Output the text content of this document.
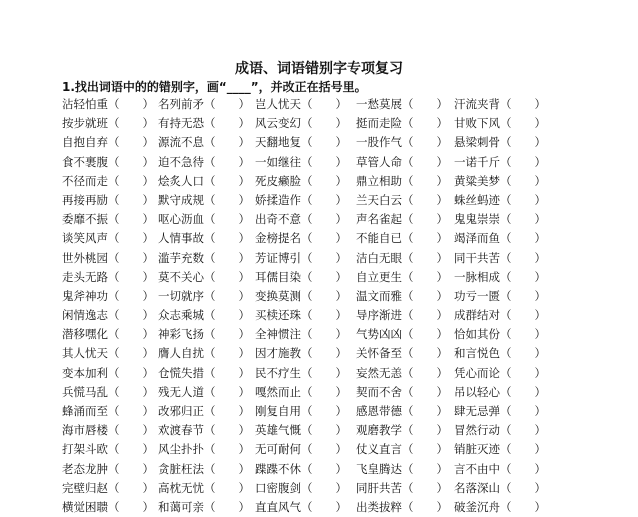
成语、词语错别字专项复习
1.找出词语中的的错别字，画“____”，并改正在括号里。
沾轻怕重（  ） 名列前矛（  ） 岂人忧天（  ） 一愁莫展（  ） 汗流夹背（  ）
按步就班（  ） 有持无恐（  ） 风云变幻（  ） 挺而走险（  ） 甘败下风（  ）
自抱自弃（  ） 源流不息（  ） 天翻地复（  ） 一股作气（  ） 悬梁刺骨（  ）
食不裹腹（  ） 迫不急待（  ） 一如继往（  ） 草管人命（  ） 一诺千斤（  ）
不径而走（  ） 烩炙人口（  ） 死皮癞脸（  ） 鼎立相助（  ） 黄粱美梦（  ）
再接再励（  ） 默守成规（  ） 娇揉造作（  ） 兰天白云（  ） 蛛丝蚂迹（  ）
委靡不振（  ） 呕心沥血（  ） 出奇不意（  ） 声名雀起（  ） 鬼鬼崇崇（  ）
谈笑风声（  ） 人情事故（  ） 金榜提名（  ） 不能自已（  ） 竭泽而鱼（  ）
世外桃园（  ） 滥芋充数（  ） 芳证博引（  ） 洁白无眼（  ） 同干共苦（  ）
走头无路（  ） 莫不关心（  ） 耳儒目染（  ） 自立更生（  ） 一脉相成（  ）
鬼斧神功（  ） 一切就序（  ） 变换莫测（  ） 温文而雅（  ） 功亏一匮（  ）
闲情逸志（  ） 众志乘城（  ） 买椟还珠（  ） 导序渐进（  ） 成群结对（  ）
潜移嘿化（  ） 神彩飞扬（  ） 全神惯注（  ） 气势凶凶（  ） 恰如其份（  ）
其人忧天（  ） 膺人自扰（  ） 因才施教（  ） 关怀备至（  ） 和言悦色（  ）
变本加利（  ） 仓慌失措（  ） 民不疗生（  ） 妄然无恙（  ） 凭心而论（  ）
兵慌马乱（  ） 残无人道（  ） 嘎然而止（  ） 契而不舍（  ） 吊以轻心（  ）
蜂涌而至（  ） 改邪归正（  ） 刚复自用（  ） 感恩带德（  ） 肆无忌弹（  ）
海市唇楼（  ） 欢渡春节（  ） 英雄气慨（  ） 观磨教学（  ） 冒然行动（  ）
打架斗欧（  ） 风尘扑扑（  ） 无可耐何（  ） 仗义直言（  ） 销脏灭迹（  ）
老态龙肿（  ） 贪脏枉法（  ） 蹀蹀不休（  ） 飞皇腾达（  ） 言不由中（  ）
完壁归赵（  ） 高枕无忧（  ） 口密腹剑（  ） 同肝共苦（  ） 名落深山（  ）
横觉困聩（  ） 和蔼可亲（  ） 直直风气（  ） 出类拔粹（  ） 破釜沉舟（  ）
